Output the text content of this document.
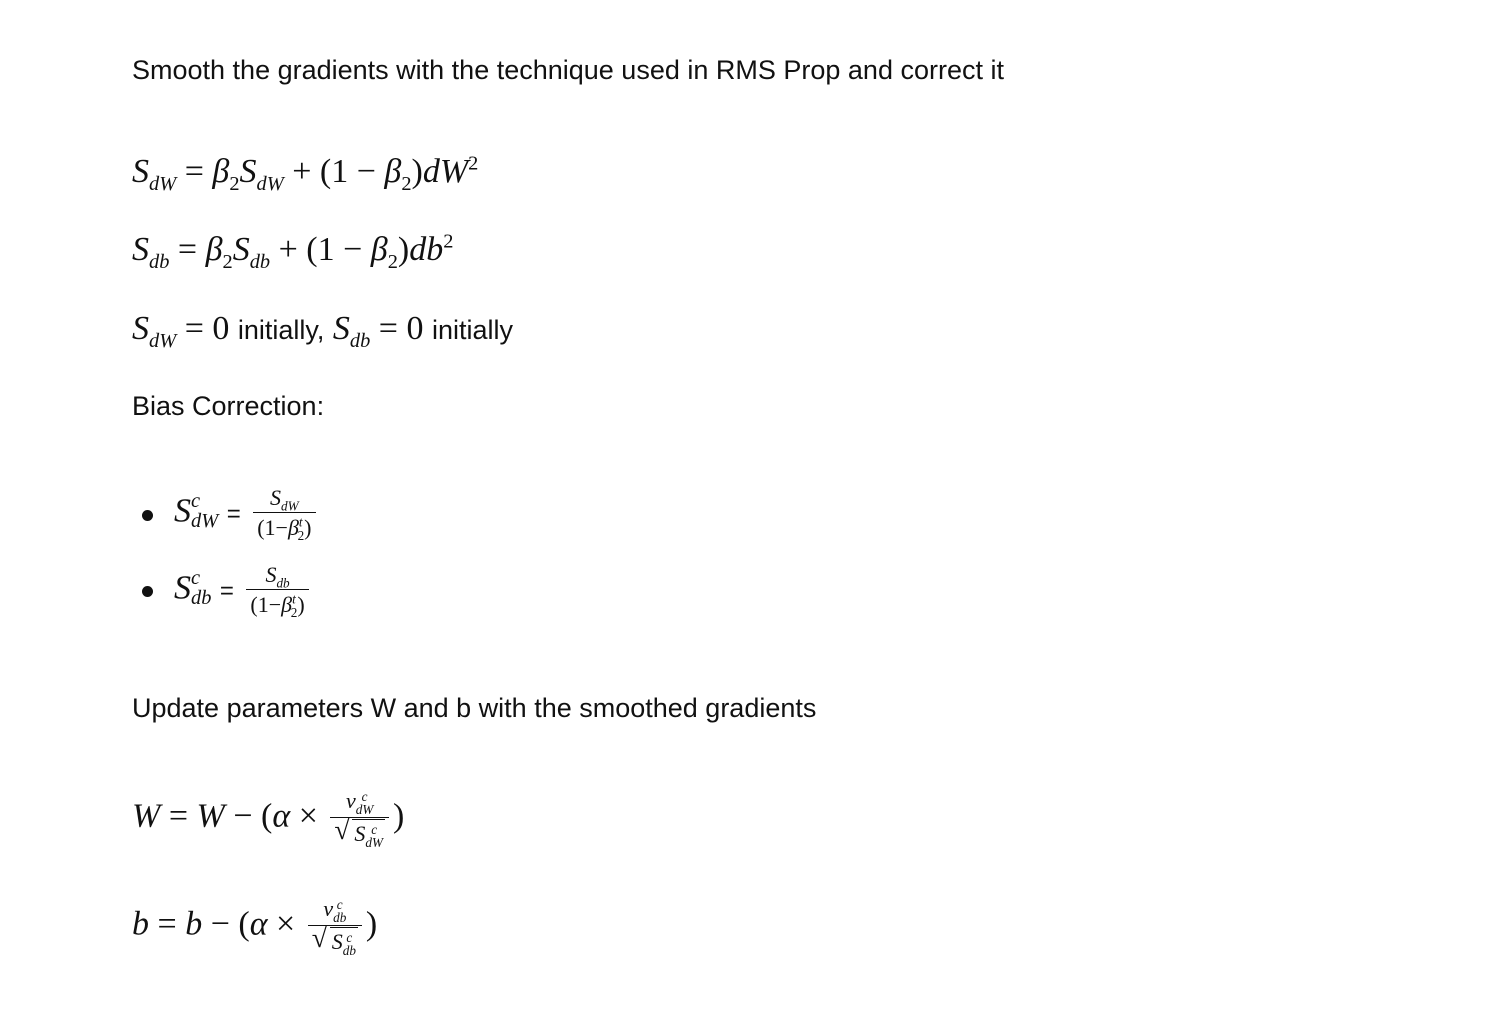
Smooth the gradients with the technique used in RMS Prop and correct it
$S_{dW} = \beta_2S_{dW} + (1 - \beta_2)dW^2$
$S_{db} = \beta_2S_{db} + (1 - \beta_2)db^2$
$S_{dW} = 0$ initially, $S_{db} = 0$ initially
Bias Correction:
S c
dW = $\frac{S_{dW}}{(1-\beta^t_2)}$
S c
db = $\frac{S_{db}}{(1-\beta^t_2)}$
Update parameters W and b with the smoothed gradients
W = W − (α × v c
dW
√ S c
dW )
b = b − (α × v c
db
√ S c
db )
